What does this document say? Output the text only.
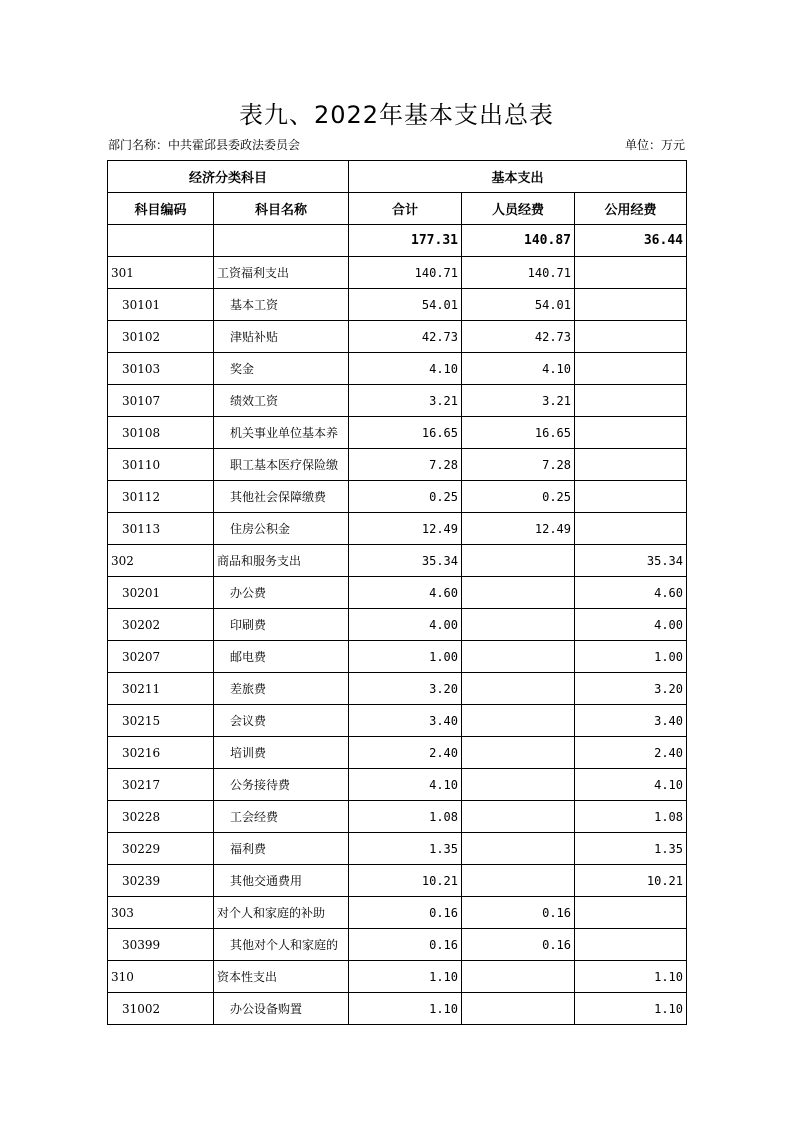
表九、2022年基本支出总表
部门名称：中共霍邱县委政法委员会	单位：万元
经济分类科目		基本支出		
科目编码	科目名称	合计	人员经费	公用经费
		177.31	140.87	36.44
301	工资福利支出	140.71	140.71	
30101	基本工资	54.01	54.01	
30102	津贴补贴	42.73	42.73	
30103	奖金	4.10	4.10	
30107	绩效工资	3.21	3.21	
30108	机关事业单位基本养	16.65	16.65	
30110	职工基本医疗保险缴	7.28	7.28	
30112	其他社会保障缴费	0.25	0.25	
30113	住房公积金	12.49	12.49	
302	商品和服务支出	35.34		35.34
30201	办公费	4.60		4.60
30202	印刷费	4.00		4.00
30207	邮电费	1.00		1.00
30211	差旅费	3.20		3.20
30215	会议费	3.40		3.40
30216	培训费	2.40		2.40
30217	公务接待费	4.10		4.10
30228	工会经费	1.08		1.08
30229	福利费	1.35		1.35
30239	其他交通费用	10.21		10.21
303	对个人和家庭的补助	0.16	0.16	
30399	其他对个人和家庭的	0.16	0.16	
310	资本性支出	1.10		1.10
31002	办公设备购置	1.10		1.10
